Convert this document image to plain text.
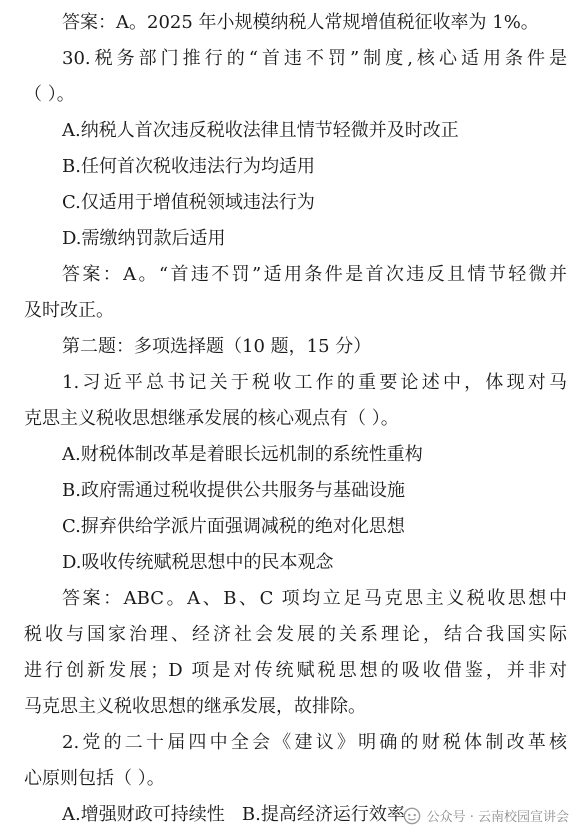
答案：A。2025 年小规模纳税人常规增值税征收率为 1%。
30.税务部门推行的“首违不罚”制度,核心适用条件是
（ ）。
A.纳税人首次违反税收法律且情节轻微并及时改正
B.任何首次税收违法行为均适用
C.仅适用于增值税领域违法行为
D.需缴纳罚款后适用
答案：A。“首违不罚”适用条件是首次违反且情节轻微并
及时改正。
第二题：多项选择题（10 题，15 分）
1.习近平总书记关于税收工作的重要论述中，体现对马
克思主义税收思想继承发展的核心观点有（ ）。
A.财税体制改革是着眼长远机制的系统性重构
B.政府需通过税收提供公共服务与基础设施
C.摒弃供给学派片面强调减税的绝对化思想
D.吸收传统赋税思想中的民本观念
答案：ABC。A、B、C 项均立足马克思主义税收思想中
税收与国家治理、经济社会发展的关系理论，结合我国实际
进行创新发展；D 项是对传统赋税思想的吸收借鉴，并非对
马克思主义税收思想的继承发展，故排除。
2.党的二十届四中全会《建议》明确的财税体制改革核
心原则包括（ ）。
A.增强财政可持续性   B.提高经济运行效率	公众号 · 云南校园宣讲会
